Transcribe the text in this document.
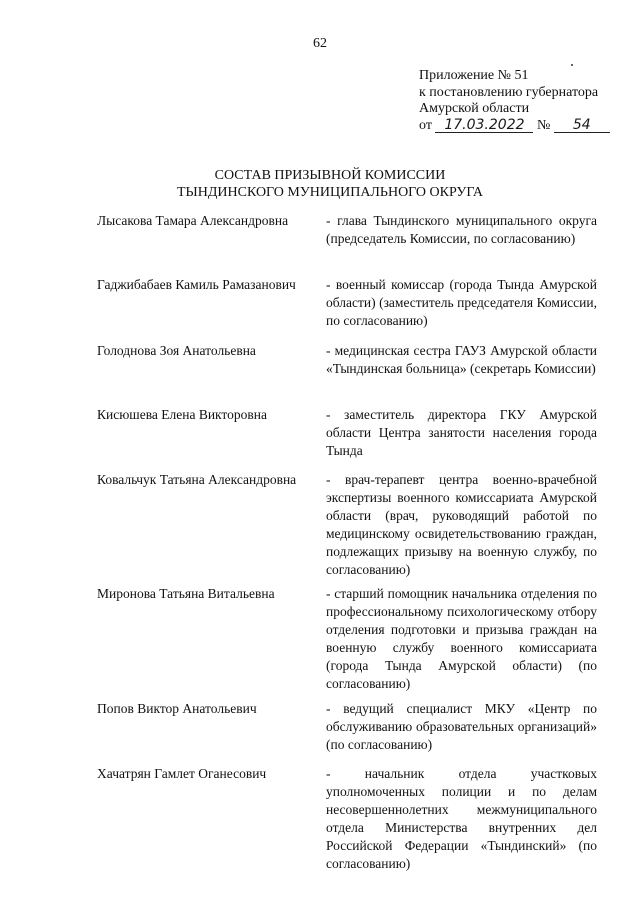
62
Приложение № 51
к постановлению губернатора
Амурской области
от 17.03.2022 № 54
СОСТАВ ПРИЗЫВНОЙ КОМИССИИ
ТЫНДИНСКОГО МУНИЦИПАЛЬНОГО ОКРУГА
Лысакова Тамара Александровна	- глава Тындинского муниципального округа (председатель Комиссии, по согласованию)
Гаджибабаев Камиль Рамазанович - военный комиссар (города Тында Амурской области) (заместитель председателя Комиссии, по согласованию)
Голоднова Зоя Анатольевна	- медицинская сестра ГАУЗ Амурской области «Тындинская больница» (секретарь Комиссии)
Кисюшева Елена Викторовна	- заместитель директора ГКУ Амурской области Центра занятости населения города Тында
Ковальчук Татьяна Александровна - врач-терапевт центра военно-врачебной экспертизы военного комиссариата Амурской области (врач, руководящий работой по медицинскому освидетельствованию граждан, подлежащих призыву на военную службу, по согласованию)
Миронова Татьяна Витальевна	- старший помощник начальника отделения по профессиональному психологическому отбору отделения подготовки и призыва граждан на военную службу военного комиссариата (города Тында Амурской области) (по согласованию)
Попов Виктор Анатольевич	- ведущий специалист МКУ «Центр по обслуживанию образовательных организаций» (по согласованию)
Хачатрян Гамлет Оганесович	- начальник отдела участковых уполномоченных полиции и по делам несовершеннолетних межмуниципального отдела Министерства внутренних дел Российской Федерации «Тындинский» (по согласованию)
